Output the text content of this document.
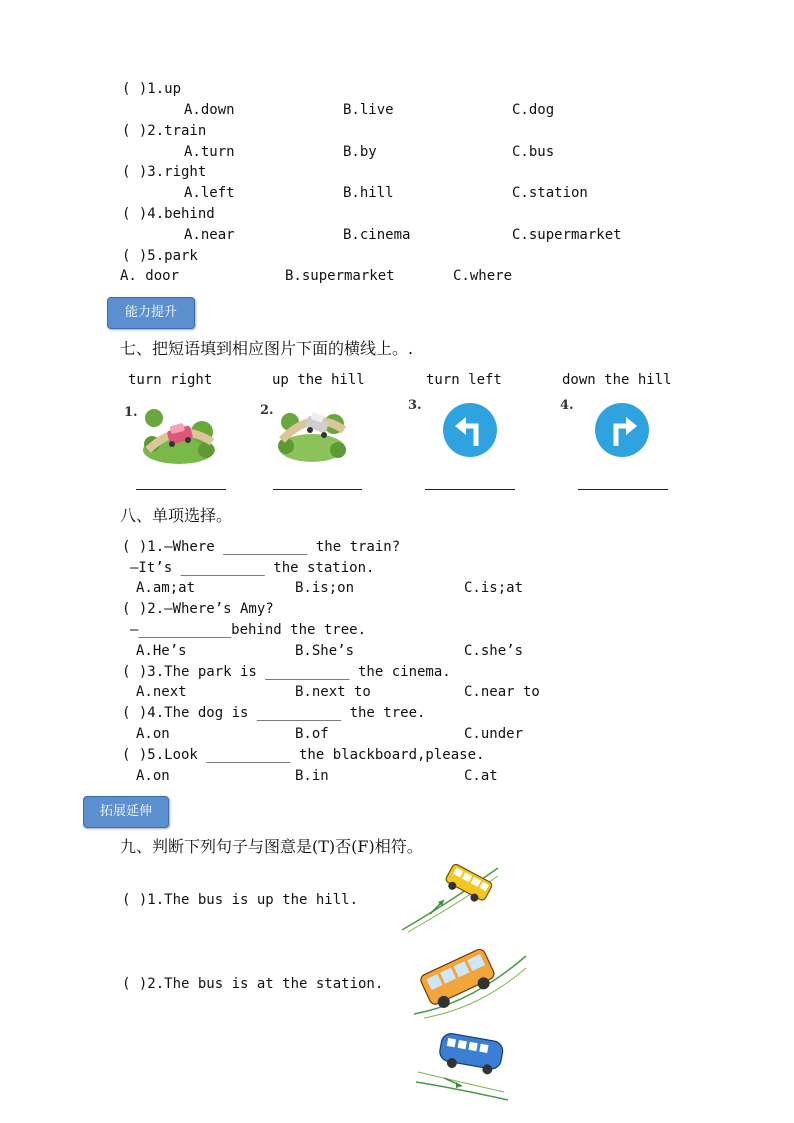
( )1.up
A.down	B.live	C.dog
( )2.train
A.turn	B.by	C.bus
( )3.right
A.left	B.hill	C.station
( )4.behind
A.near	B.cinema	C.supermarket
( )5.park
A. door	B.supermarket	C.where
能力提升
七、把短语填到相应图片下面的横线上。.
turn right	up the hill	turn left	down the hill
1.	2.	3.	4.
八、单项选择。
( )1.—Where __________ the train?
—It’s __________ the station.
A.am;at	B.is;on	C.is;at
( )2.—Where’s Amy?
—___________behind the tree.
A.He’s	B.She’s	C.she’s
( )3.The park is __________ the cinema.
A.next	B.next to	C.near to
( )4.The dog is __________ the tree.
A.on	B.of	C.under
( )5.Look __________ the blackboard,please.
A.on	B.in	C.at
拓展延伸
九、判断下列句子与图意是(T)否(F)相符。
( )1.The bus is up the hill.
( )2.The bus is at the station.
